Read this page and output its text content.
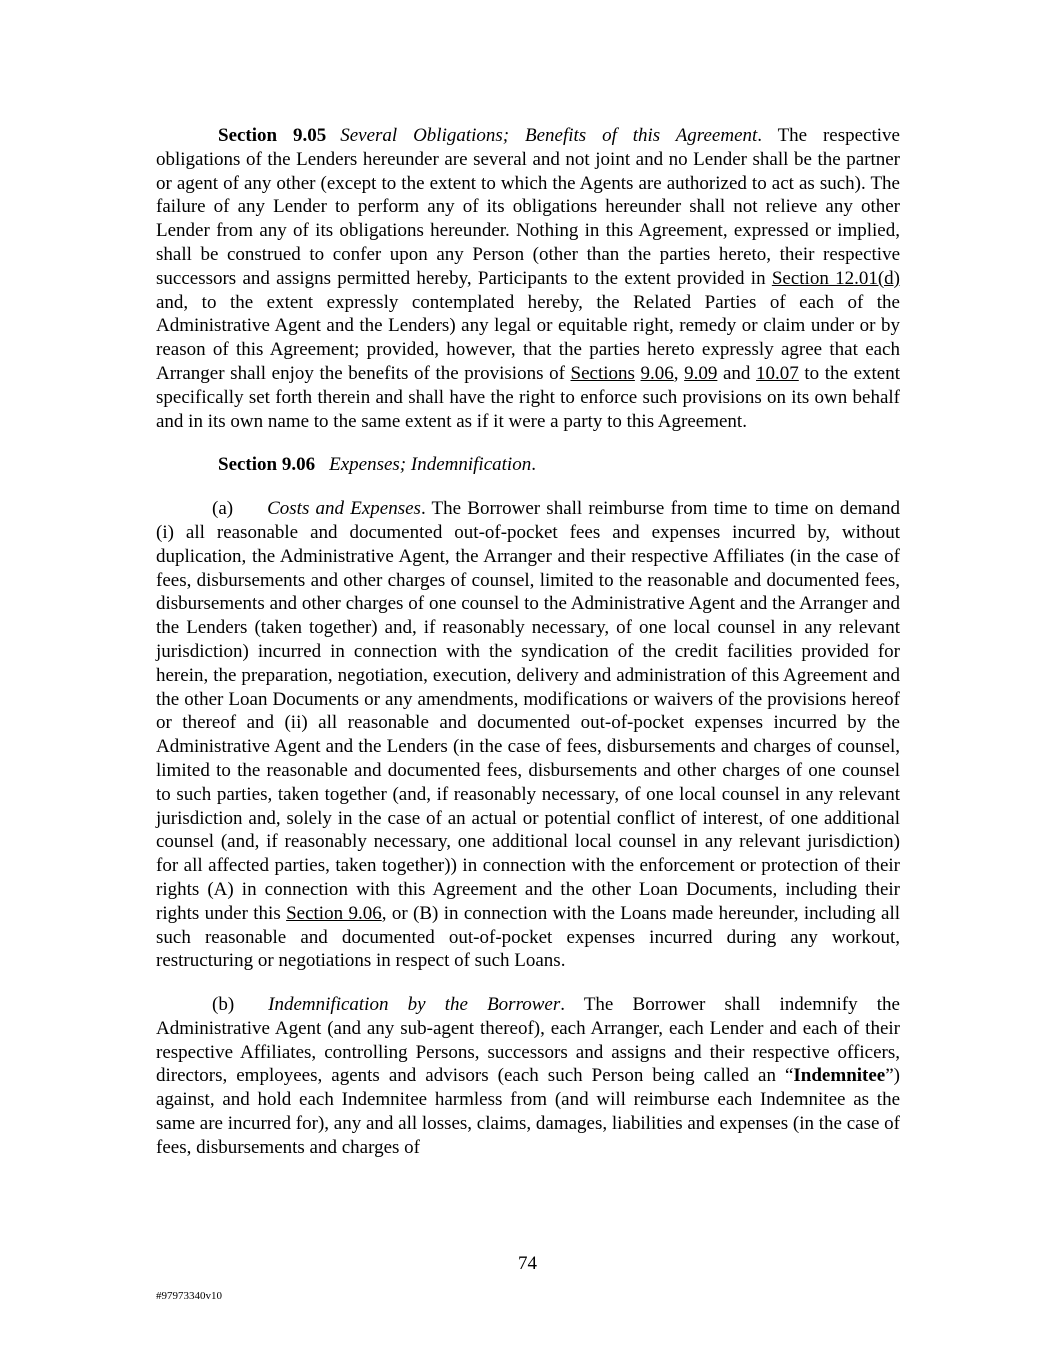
Section 9.05 Several Obligations; Benefits of this Agreement. The respective obligations of the Lenders hereunder are several and not joint and no Lender shall be the partner or agent of any other (except to the extent to which the Agents are authorized to act as such). The failure of any Lender to perform any of its obligations hereunder shall not relieve any other Lender from any of its obligations hereunder. Nothing in this Agreement, expressed or implied, shall be construed to confer upon any Person (other than the parties hereto, their respective successors and assigns permitted hereby, Participants to the extent provided in Section 12.01(d) and, to the extent expressly contemplated hereby, the Related Parties of each of the Administrative Agent and the Lenders) any legal or equitable right, remedy or claim under or by reason of this Agreement; provided, however, that the parties hereto expressly agree that each Arranger shall enjoy the benefits of the provisions of Sections 9.06, 9.09 and 10.07 to the extent specifically set forth therein and shall have the right to enforce such provisions on its own behalf and in its own name to the same extent as if it were a party to this Agreement.

Section 9.06 Expenses; Indemnification.

(a) Costs and Expenses. The Borrower shall reimburse from time to time on demand (i) all reasonable and documented out-of-pocket fees and expenses incurred by, without duplication, the Administrative Agent, the Arranger and their respective Affiliates (in the case of fees, disbursements and other charges of counsel, limited to the reasonable and documented fees, disbursements and other charges of one counsel to the Administrative Agent and the Arranger and the Lenders (taken together) and, if reasonably necessary, of one local counsel in any relevant jurisdiction) incurred in connection with the syndication of the credit facilities provided for herein, the preparation, negotiation, execution, delivery and administration of this Agreement and the other Loan Documents or any amendments, modifications or waivers of the provisions hereof or thereof and (ii) all reasonable and documented out-of-pocket expenses incurred by the Administrative Agent and the Lenders (in the case of fees, disbursements and charges of counsel, limited to the reasonable and documented fees, disbursements and other charges of one counsel to such parties, taken together (and, if reasonably necessary, of one local counsel in any relevant jurisdiction and, solely in the case of an actual or potential conflict of interest, of one additional counsel (and, if reasonably necessary, one additional local counsel in any relevant jurisdiction) for all affected parties, taken together)) in connection with the enforcement or protection of their rights (A) in connection with this Agreement and the other Loan Documents, including their rights under this Section 9.06, or (B) in connection with the Loans made hereunder, including all such reasonable and documented out-of-pocket expenses incurred during any workout, restructuring or negotiations in respect of such Loans.

(b) Indemnification by the Borrower. The Borrower shall indemnify the Administrative Agent (and any sub-agent thereof), each Arranger, each Lender and each of their respective Affiliates, controlling Persons, successors and assigns and their respective officers, directors, employees, agents and advisors (each such Person being called an “Indemnitee”) against, and hold each Indemnitee harmless from (and will reimburse each Indemnitee as the same are incurred for), any and all losses, claims, damages, liabilities and expenses (in the case of fees, disbursements and charges of

74
#97973340v10
